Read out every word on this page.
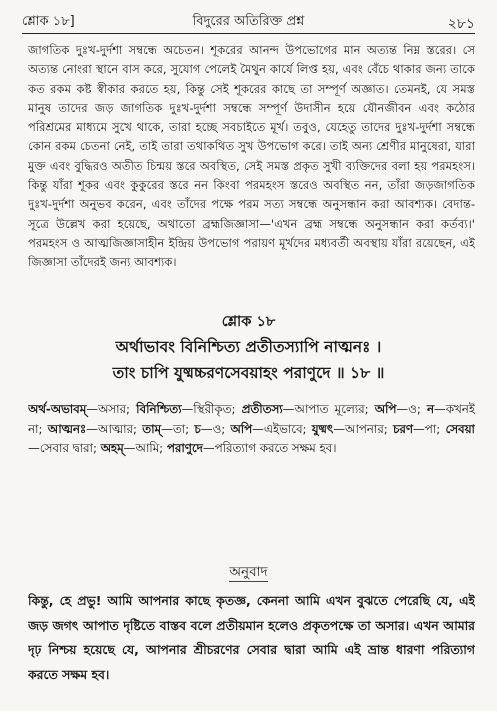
শ্লোক ১৮]	বিদুরের অতিরিক্ত প্রশ্ন	২৮১
জাগতিক দুঃখ-দুর্দশা সম্বন্ধে অচেতন। শূকরের আনন্দ উপভোগের মান অত্যন্ত নিম্ন স্তরের। সে অত্যন্ত নোংরা স্থানে বাস করে, সুযোগ পেলেই মৈথুন কার্যে লিপ্ত হয়, এবং বেঁচে থাকার জন্য তাকে কত রকম কষ্ট স্বীকার করতে হয়, কিন্তু সেই শূকরের কাছে তা সম্পূর্ণ অজ্ঞাত। তেমনই, যে সমস্ত মানুষ তাদের জড় জাগতিক দুঃখ-দুর্দশা সম্বন্ধে সম্পূর্ণ উদাসীন হয়ে যৌনজীবন এবং কঠোর পরিশ্রমের মাধ্যমে সুখে থাকে, তারা হচ্ছে সবচাইতে মূর্খ। তবুও, যেহেতু তাদের দুঃখ-দুর্দশা সম্বন্ধে কোন রকম চেতনা নেই, তাই তারা তথাকথিত সুখ উপভোগ করে। তাই অন্য শ্রেণীর মানুষেরা, যারা মুক্ত এবং বুদ্ধিরও অতীত চিন্ময় স্তরে অবস্থিত, সেই সমস্ত প্রকৃত সুখী ব্যক্তিদের বলা হয় পরমহংস। কিন্তু যাঁরা শূকর এবং কুকুরের স্তরে নন কিংবা পরমহংস স্তরেও অবস্থিত নন, তাঁরা জড়জাগতিক দুঃখ-দুর্দশা অনুভব করেন, এবং তাঁদের পক্ষে পরম সত্য সম্বন্ধে অনুসন্ধান করা আবশ্যক। বেদান্ত-সূত্রে উল্লেখ করা হয়েছে, অথাতো ব্রহ্মজিজ্ঞাসা—'এখন ব্রহ্ম সম্বন্ধে অনুসন্ধান করা কর্তব্য।' পরমহংস ও আত্মজিজ্ঞাসাহীন ইন্দ্রিয় উপভোগ পরায়ণ মূর্খদের মধ্যবর্তী অবস্থায় যাঁরা রয়েছেন, এই জিজ্ঞাসা তাঁদেরই জন্য আবশ্যক।
শ্লোক ১৮
অর্থাভাবং বিনিশ্চিত্য প্রতীতস্যাপি নাত্মনঃ ।
তাং চাপি যুষ্মচ্চরণসেবয়াহং পরাণুদে ॥ ১৮ ॥
অর্থ-অভাবম্—অসার; বিনিশ্চিত্য—স্থিরীকৃত; প্রতীতস্য—আপাত মূল্যের; অপি—ও; ন—কখনই না; আত্মনঃ—আত্মার; তাম্—তা; চ—ও; অপি—এইভাবে; যুষ্মৎ—আপনার; চরণ—পা; সেবয়া—সেবার দ্বারা; অহম্—আমি; পরাণুদে—পরিত্যাগ করতে সক্ষম হব।
অনুবাদ
কিন্তু, হে প্রভু! আমি আপনার কাছে কৃতজ্ঞ, কেননা আমি এখন বুঝতে পেরেছি যে, এই জড় জগৎ আপাত দৃষ্টিতে বাস্তব বলে প্রতীয়মান হলেও প্রকৃতপক্ষে তা অসার। এখন আমার দৃঢ় নিশ্চয় হয়েছে যে, আপনার শ্রীচরণের সেবার দ্বারা আমি এই ভ্রান্ত ধারণা পরিত্যাগ করতে সক্ষম হব।
